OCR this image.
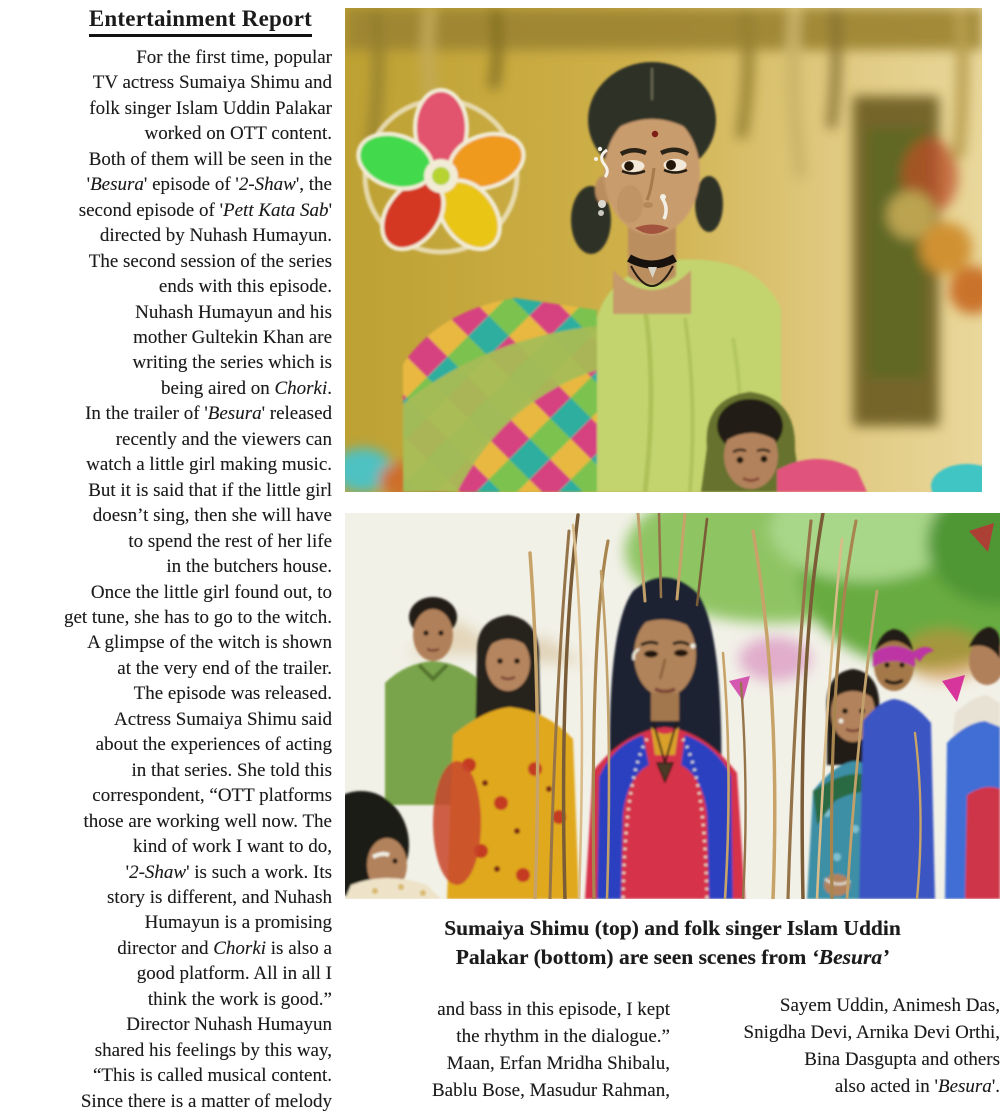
Entertainment Report
For the first time, popular
TV actress Sumaiya Shimu and
folk singer Islam Uddin Palakar
worked on OTT content.
Both of them will be seen in the
'Besura' episode of '2-Shaw', the
second episode of 'Pett Kata Sab'
directed by Nuhash Humayun.
The second session of the series
ends with this episode.
Nuhash Humayun and his
mother Gultekin Khan are
writing the series which is
being aired on Chorki.
In the trailer of 'Besura' released
recently and the viewers can
watch a little girl making music.
But it is said that if the little girl
doesn’t sing, then she will have
to spend the rest of her life
in the butchers house.
Once the little girl found out, to
get tune, she has to go to the witch.
A glimpse of the witch is shown
at the very end of the trailer.
The episode was released.
Actress Sumaiya Shimu said
about the experiences of acting
in that series. She told this
correspondent, “OTT platforms
those are working well now. The
kind of work I want to do,
'2-Shaw' is such a work. Its
story is different, and Nuhash
Humayun is a promising
director and Chorki is also a
good platform. All in all I
think the work is good.”
Director Nuhash Humayun
shared his feelings by this way,
“This is called musical content.
Since there is a matter of melody
Sumaiya Shimu (top) and folk singer Islam Uddin
Palakar (bottom) are seen scenes from ‘Besura’
and bass in this episode, I kept
the rhythm in the dialogue.”
Maan, Erfan Mridha Shibalu,
Bablu Bose, Masudur Rahman,
Sayem Uddin, Animesh Das,
Snigdha Devi, Arnika Devi Orthi,
Bina Dasgupta and others
also acted in 'Besura'.
